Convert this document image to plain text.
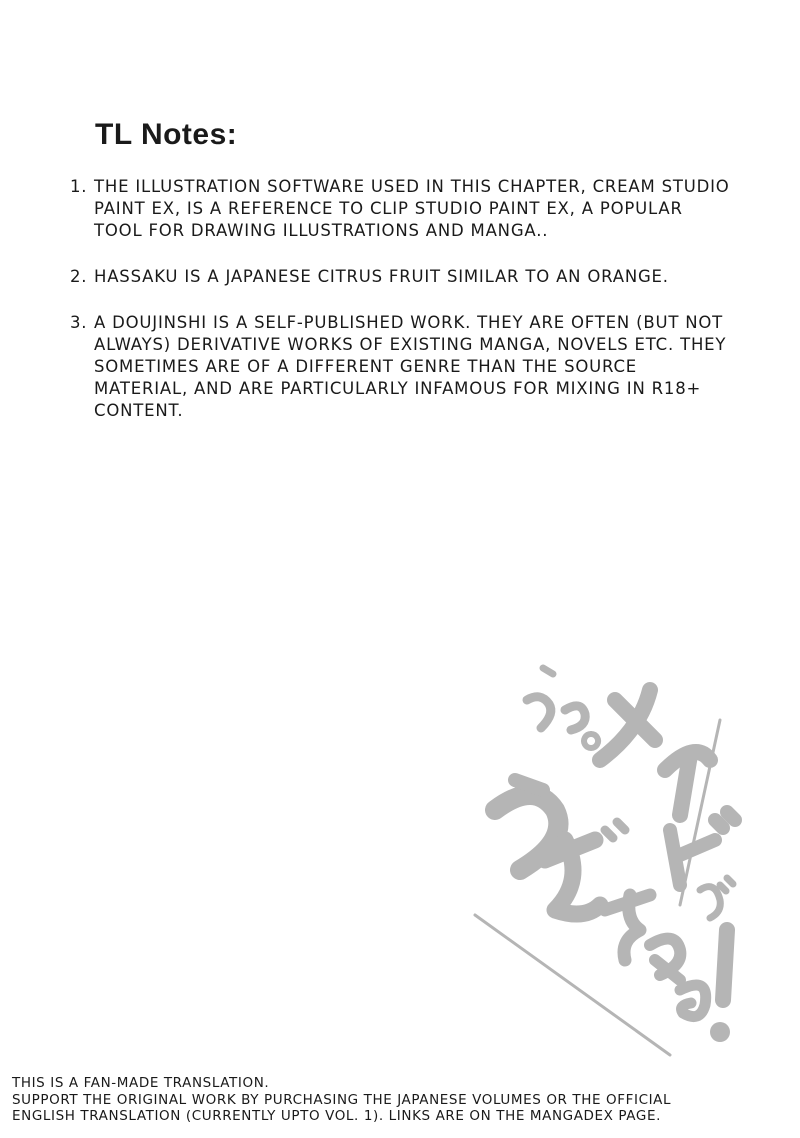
TL Notes:
1. THE ILLUSTRATION SOFTWARE USED IN THIS CHAPTER, CREAM STUDIO PAINT EX, IS A REFERENCE TO CLIP STUDIO PAINT EX, A POPULAR TOOL FOR DRAWING ILLUSTRATIONS AND MANGA..
2. HASSAKU IS A JAPANESE CITRUS FRUIT SIMILAR TO AN ORANGE.
3. A DOUJINSHI IS A SELF-PUBLISHED WORK. THEY ARE OFTEN (BUT NOT ALWAYS) DERIVATIVE WORKS OF EXISTING MANGA, NOVELS ETC. THEY SOMETIMES ARE OF A DIFFERENT GENRE THAN THE SOURCE MATERIAL, AND ARE PARTICULARLY INFAMOUS FOR MIXING IN R18+ CONTENT.
THIS IS A FAN-MADE TRANSLATION.
SUPPORT THE ORIGINAL WORK BY PURCHASING THE JAPANESE VOLUMES OR THE OFFICIAL
ENGLISH TRANSLATION (CURRENTLY UPTO VOL. 1). LINKS ARE ON THE MANGADEX PAGE.
